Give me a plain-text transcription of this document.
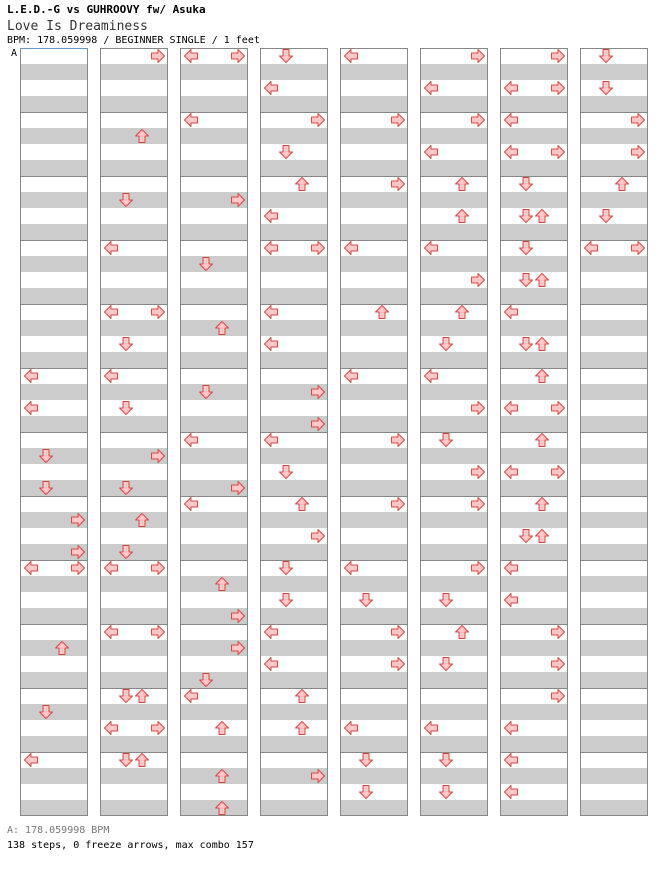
L.E.D.-G vs GUHROOVY fw/ Asuka
Love Is Dreaminess
BPM: 178.059998 / BEGINNER SINGLE / 1 feet
A
A: 178.059998 BPM
138 steps, 0 freeze arrows, max combo 157
